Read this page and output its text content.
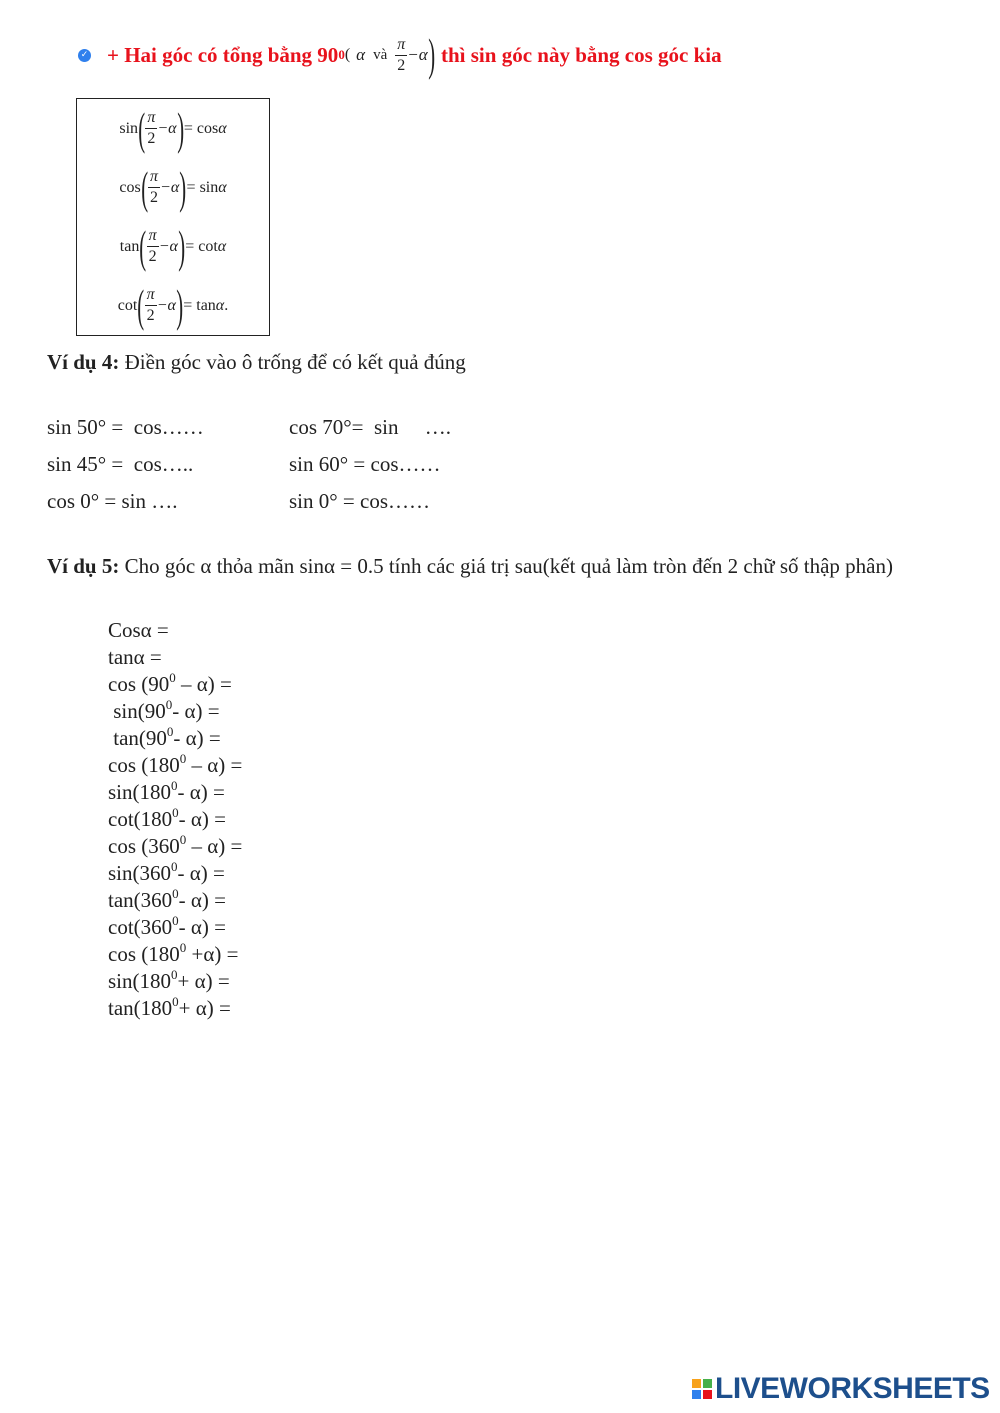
✓ + Hai góc có tổng bằng 90 0 ( α và $\frac{\pi}{2} -\alpha$ ) thì sin góc này bằng cos góc kia
sin ( $\frac{\pi}{2} -\alpha$ ) = cos α
cos ( $\frac{\pi}{2} -\alpha$ ) = sin α
tan ( $\frac{\pi}{2} -\alpha$ ) = cot α
cot ( $\frac{\pi}{2} -\alpha$ ) = tan α .
Ví dụ 4: Điền góc vào ô trống để có kết quả đúng
sin 50° =  cos……	cos 70°=  sin     ….
sin 45° =  cos…..	sin 60° = cos……
cos 0° = sin ….	sin 0° = cos……
Ví dụ 5: Cho góc α thỏa mãn sinα = 0.5 tính các giá trị sau(kết quả làm tròn đến 2 chữ số thập phân)
Cosα =
tanα =
$\cos (90^0 - \alpha)$ =
$\sin(90^0-$ α) =
$\tan(90^0-$ α) =
$\cos (180^0 - \alpha)$ =
$\sin(180^0-$ α) =
$\cot(180^0-$ α) =
$\cos (360^0 - \alpha)$ =
$\sin(360^0-$ α) =
$\tan(360^0-$ α) =
$\cot(360^0-$ α) =
$\cos (180^0 +\alpha)$ =
$\sin(180^0+ \alpha)$ =
$\tan(180^0+ \alpha)$ =
LIVEWORKSHEETS
